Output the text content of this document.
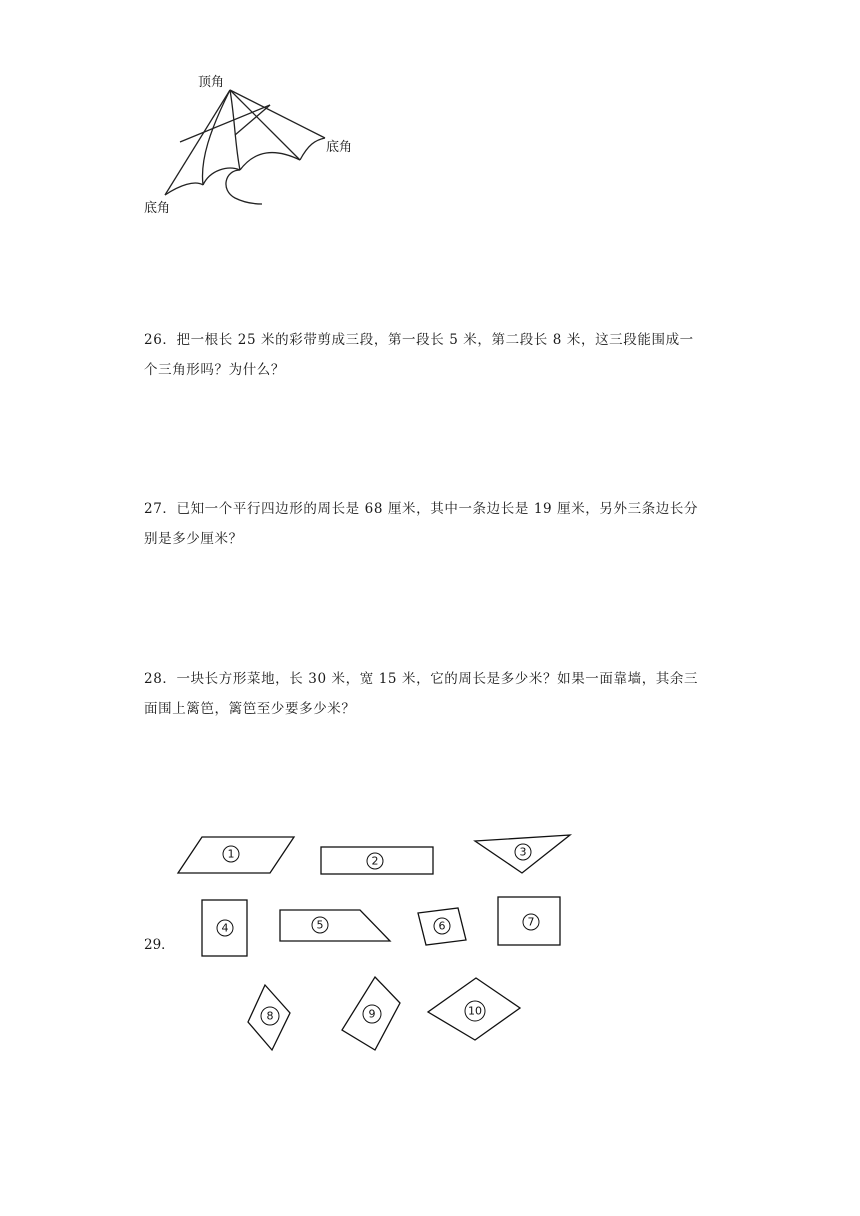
顶角
底角
底角
26．把一根长 25 米的彩带剪成三段，第一段长 5 米，第二段长 8 米，这三段能围成一
个三角形吗？为什么？
27．已知一个平行四边形的周长是 68 厘米，其中一条边长是 19 厘米，另外三条边长分
别是多少厘米？
28．一块长方形菜地，长 30 米，宽 15 米，它的周长是多少米？如果一面靠墙，其余三
面围上篱笆，篱笆至少要多少米？
29．
1
2
3
4	5	6	7
8	9	10
